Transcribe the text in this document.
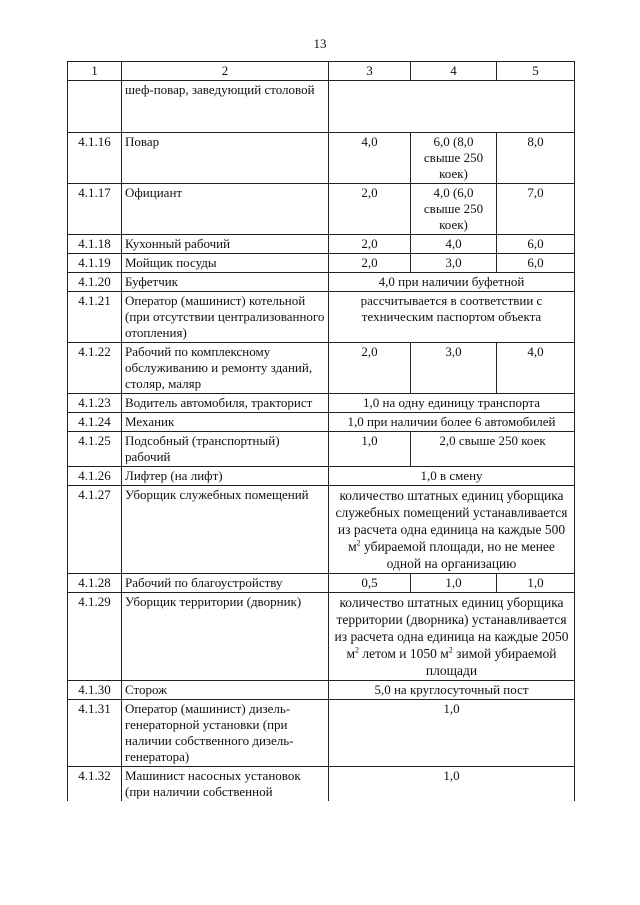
13
1	2	3	4	5
	шеф-повар, заведующий столовой			
4.1.16	Повар	4,0	6,0 (8,0 свыше 250 коек)	8,0
4.1.17	Официант	2,0	4,0 (6,0 свыше 250 коек)	7,0
4.1.18	Кухонный рабочий	2,0	4,0	6,0
4.1.19	Мойщик посуды	2,0	3,0	6,0
4.1.20	Буфетчик	4,0 при наличии буфетной		
4.1.21	Оператор (машинист) котельной (при отсутствии централизованного отопления)	рассчитывается в соответствии с техническим паспортом объекта		
4.1.22	Рабочий по комплексному обслуживанию и ремонту зданий, столяр, маляр	2,0	3,0	4,0
4.1.23	Водитель автомобиля, тракторист	1,0 на одну единицу транспорта		
4.1.24	Механик	1,0 при наличии более 6 автомобилей		
4.1.25	Подсобный (транспортный) рабочий	1,0	2,0 свыше 250 коек	
4.1.26	Лифтер (на лифт)	1,0 в смену		
4.1.27	Уборщик служебных помещений	количество штатных единиц уборщика служебных помещений устанавливается из расчета одна единица на каждые 500 $м^2$ убираемой площади, но не менее одной на организацию		
4.1.28	Рабочий по благоустройству	0,5	1,0	1,0
4.1.29	Уборщик территории (дворник)	количество штатных единиц уборщика территории (дворника) устанавливается из расчета одна единица на каждые 2050 $м^2$ летом и 1050 $м^2$ зимой убираемой площади		
4.1.30	Сторож	5,0 на круглосуточный пост		
4.1.31	Оператор (машинист) дизель-генераторной установки (при наличии собственного дизель-генератора)	1,0		
4.1.32	Машинист насосных установок (при наличии собственной	1,0		
